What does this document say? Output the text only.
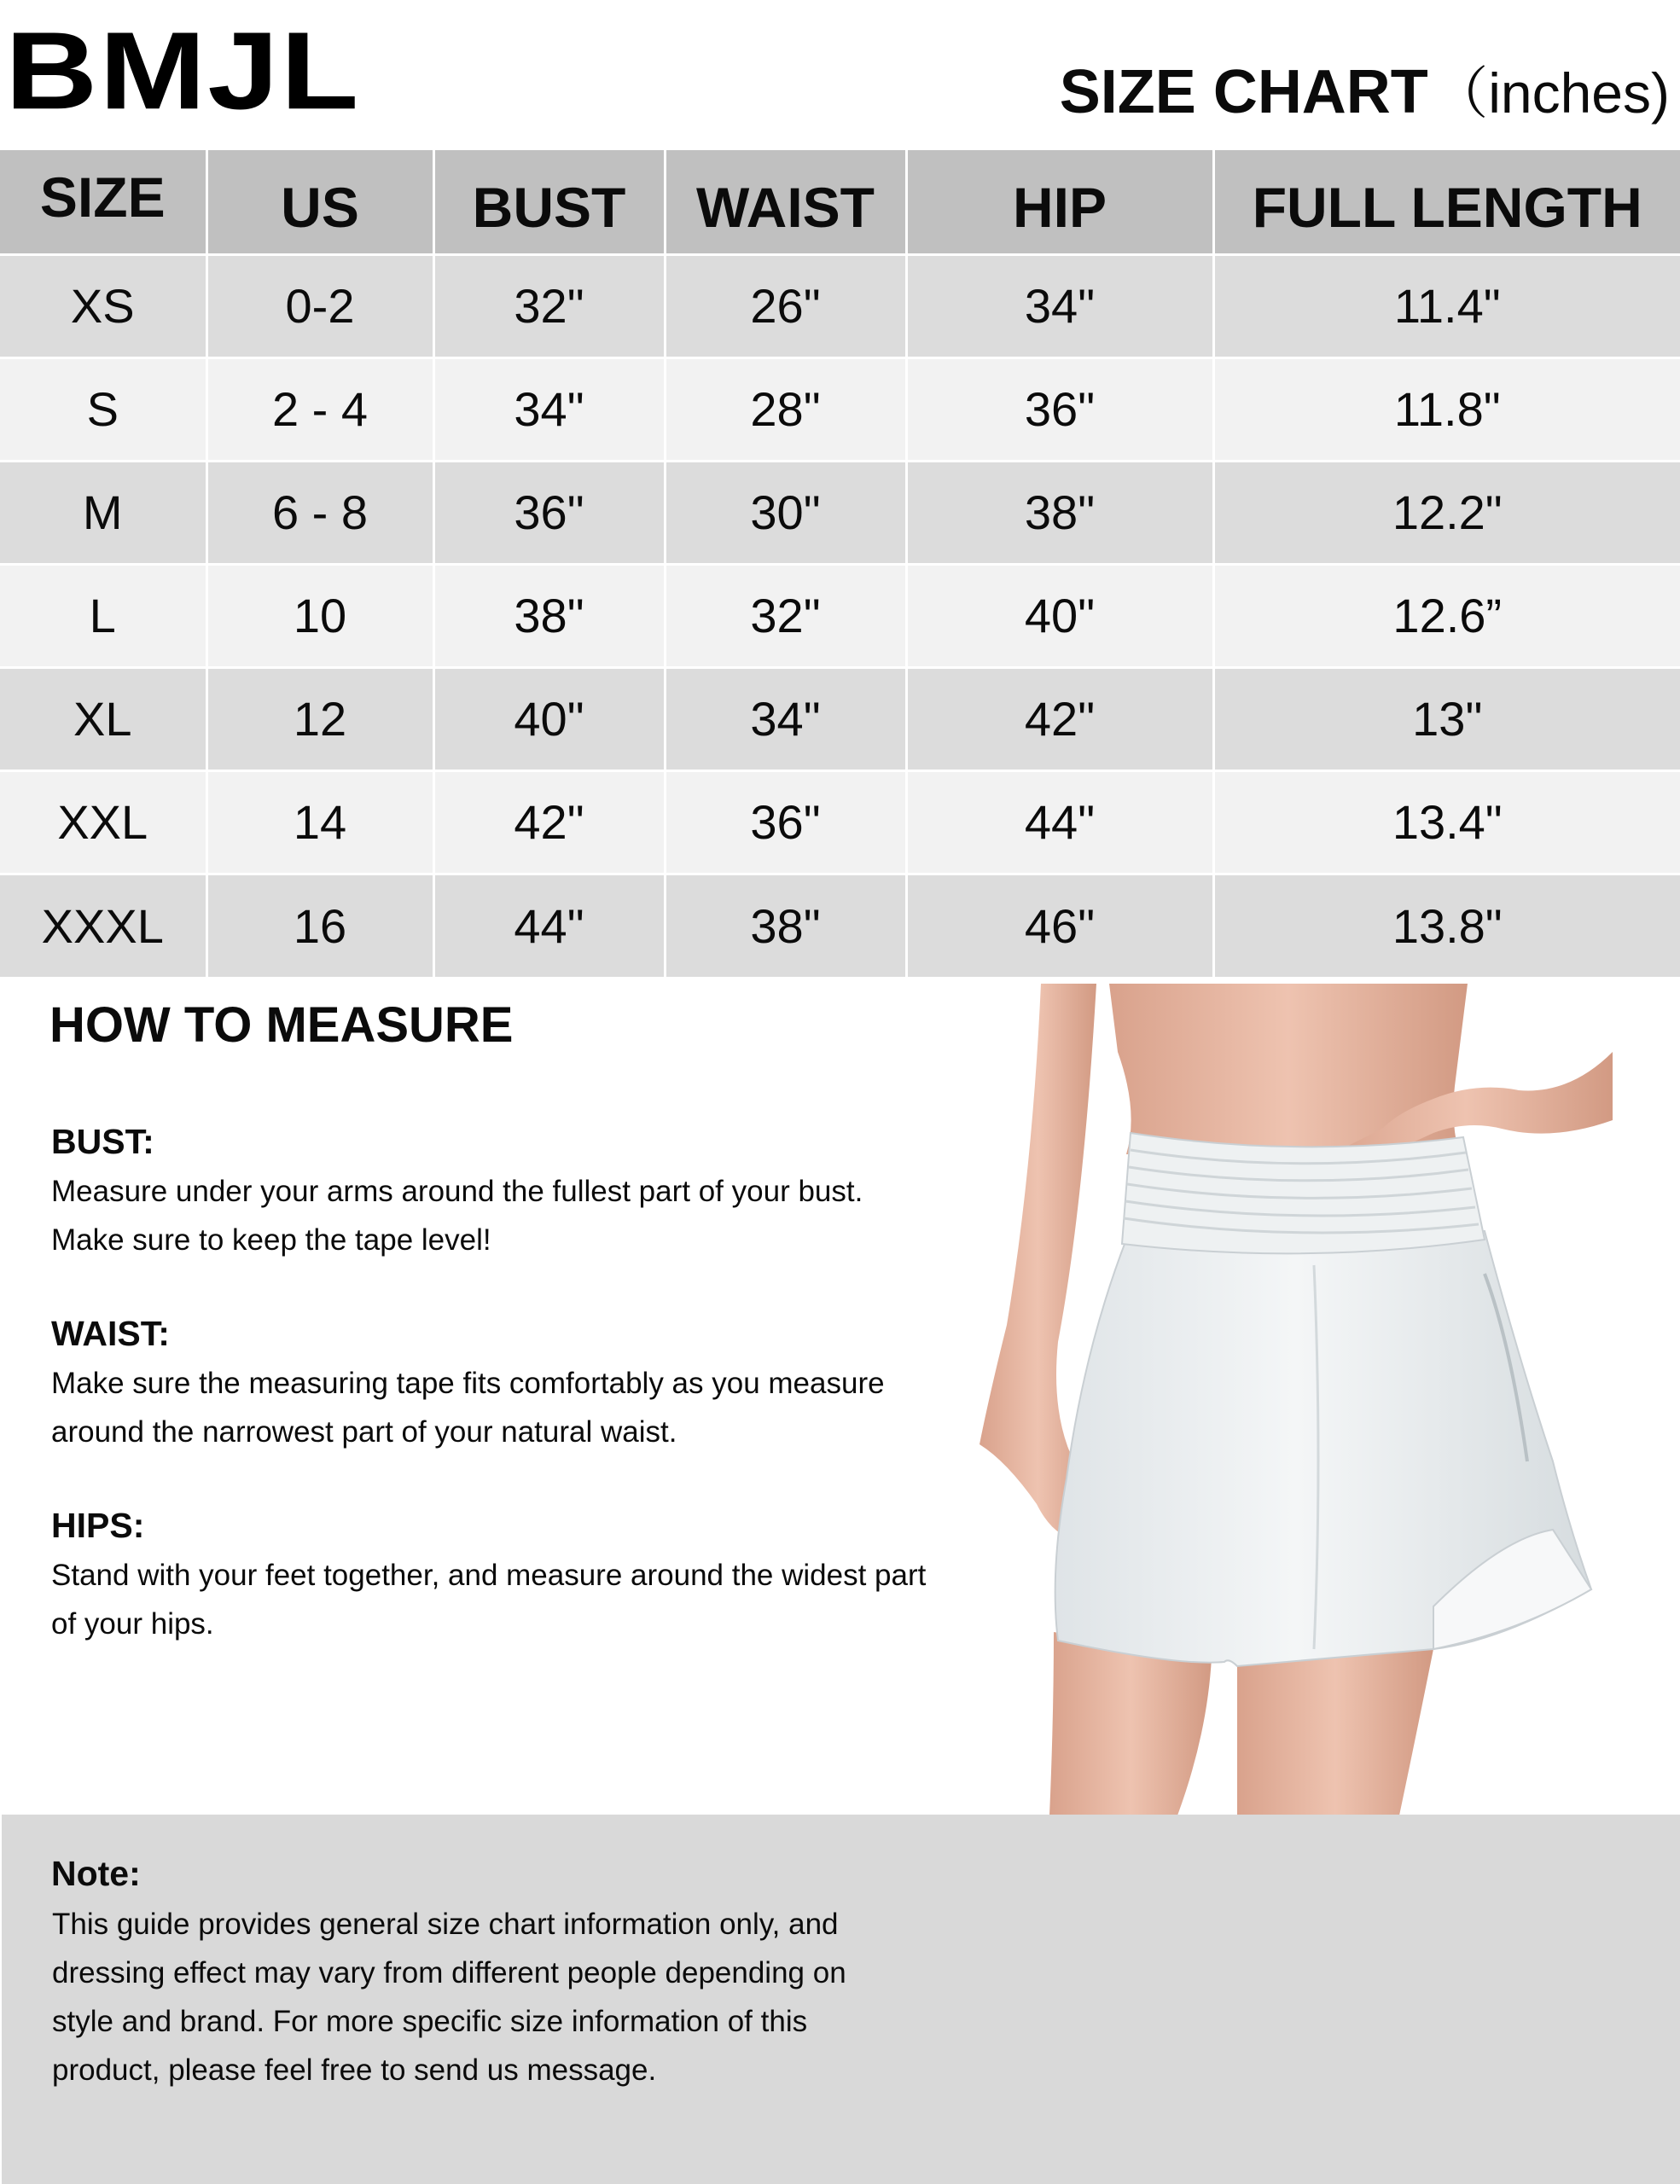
BMJL	SIZE CHART （inches)
SIZE	US	BUST	WAIST	HIP	FULL LENGTH
XS	0-2	32"	26"	34"	11.4"
S	2 - 4	34"	28"	36"	11.8"
M	6 - 8	36"	30"	38"	12.2"
L	10	38"	32"	40"	12.6”
XL	12	40"	34"	42"	13"
XXL	14	42"	36"	44"	13.4"
XXXL	16	44"	38"	46"	13.8"
HOW TO MEASURE
BUST:

Measure under your arms around the fullest part of your bust.

Make sure to keep the tape level!

WAIST:

Make sure the measuring tape fits comfortably as you measure

around the narrowest part of your natural waist.

HIPS:

Stand with your feet together, and measure around the widest part

of your hips.

Note:

This guide provides general size chart information only, and
dressing effect may vary from different people depending on
style and brand. For more specific size information of this
product, please feel free to send us message.
